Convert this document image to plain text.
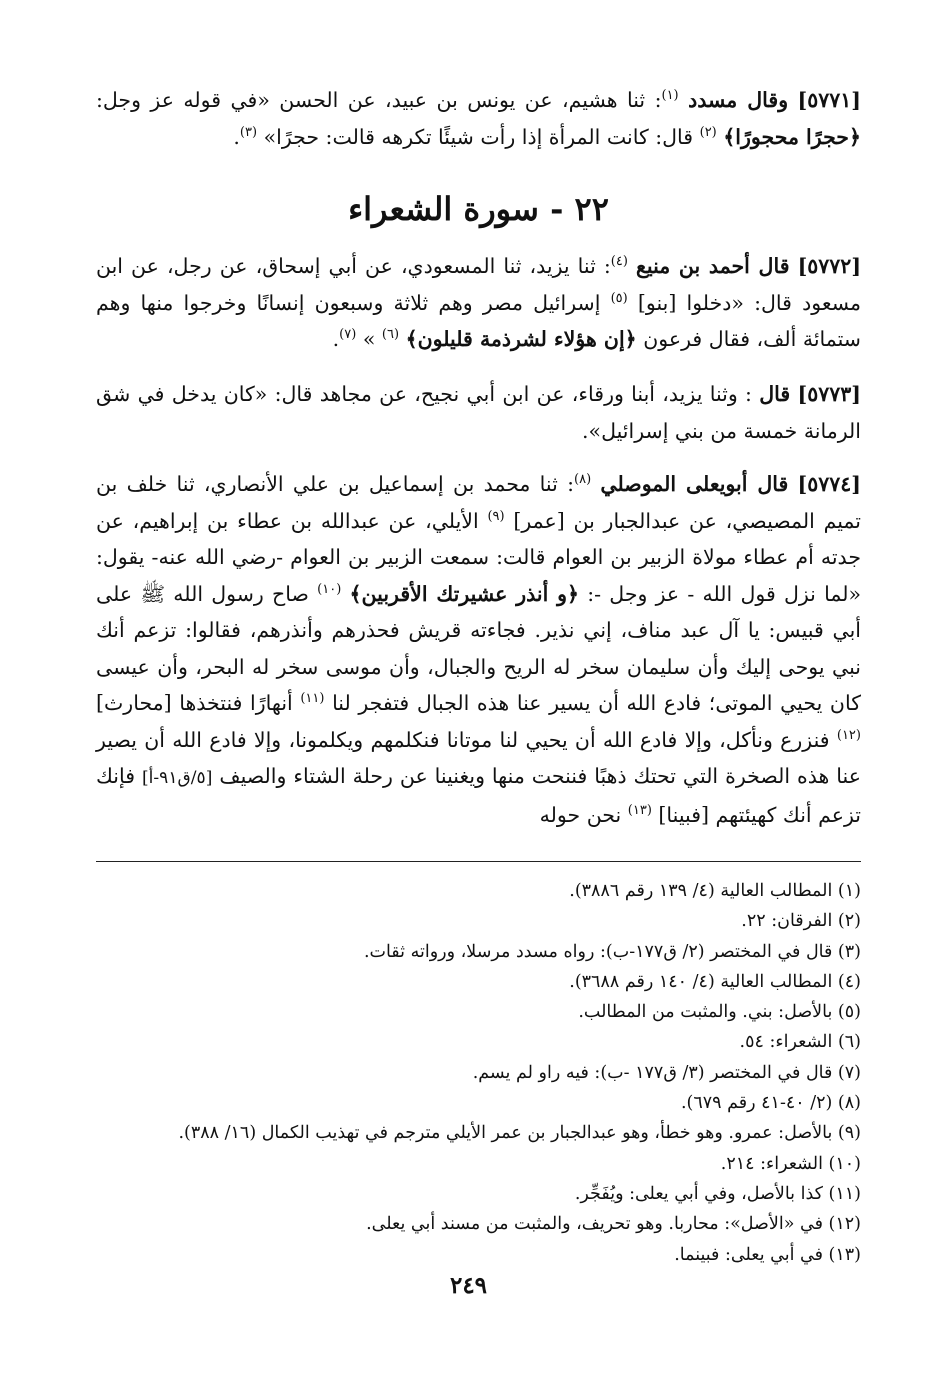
[٥٧٧١] وقال مسدد $^{(١)}$: ثنا هشيم، عن يونس بن عبيد، عن الحسن «في قوله عز وجل: ﴿حجرًا محجورًا﴾ $^{(٢)}$ قال: كانت المرأة إذا رأت شيئًا تكرهه قالت: حجرًا» $^{(٣)}$.

٢٢ - سورة الشعراء

[٥٧٧٢] قال أحمد بن منيع $^{(٤)}$: ثنا يزيد، ثنا المسعودي، عن أبي إسحاق، عن رجل، عن ابن مسعود قال: «دخلوا [بنو] $^{(٥)}$ إسرائيل مصر وهم ثلاثة وسبعون إنسانًا وخرجوا منها وهم ستمائة ألف، فقال فرعون ﴿إن هؤلاء لشرذمة قليلون﴾ $^{(٦)}$ » $^{(٧)}$.

[٥٧٧٣] قال : وثنا يزيد، أبنا ورقاء، عن ابن أبي نجيح، عن مجاهد قال: «كان يدخل في شق الرمانة خمسة من بني إسرائيل».

[٥٧٧٤] قال أبويعلى الموصلي $^{(٨)}$: ثنا محمد بن إسماعيل بن علي الأنصاري، ثنا خلف بن تميم المصيصي، عن عبدالجبار بن [عمر] $^{(٩)}$ الأيلي، عن عبدالله بن عطاء بن إبراهيم، عن جدته أم عطاء مولاة الزبير بن العوام قالت: سمعت الزبير بن العوام -رضي الله عنه- يقول: «لما نزل قول الله - عز وجل -: ﴿و أنذر عشيرتك الأقربين﴾ $^{(١٠)}$ صاح رسول الله ﷺ على أبي قبيس: يا آل عبد مناف، إني نذير. فجاءته قريش فحذرهم وأنذرهم، فقالوا: تزعم أنك نبي يوحى إليك وأن سليمان سخر له الريح والجبال، وأن موسى سخر له البحر، وأن عيسى كان يحيي الموتى؛ فادع الله أن يسير عنا هذه الجبال فتفجر لنا $^{(١١)}$ أنهارًا فنتخذها [محارث] $^{(١٢)}$ فنزرع ونأكل، وإلا فادع الله أن يحيي لنا موتانا فنكلمهم ويكلمونا، وإلا فادع الله أن يصير عنا هذه الصخرة التي تحتك ذهبًا فننحت منها ويغنينا عن رحلة الشتاء والصيف [٥/ق٩١-أ] فإنك تزعم أنك كهيئتهم [فبينا] $^{(١٣)}$ نحن حوله

(١) المطالب العالية (٤/ ١٣٩ رقم ٣٨٨٦).
(٢) الفرقان: ٢٢.
(٣) قال في المختصر (٢/ ق١٧٧-ب): رواه مسدد مرسلا، ورواته ثقات.
(٤) المطالب العالية (٤/ ١٤٠ رقم ٣٦٨٨).
(٥) بالأصل: بني. والمثبت من المطالب.
(٦) الشعراء: ٥٤.
(٧) قال في المختصر (٣/ ق١٧٧ -ب): فيه راو لم يسم.
(٨) (٢/ ٤٠-٤١ رقم ٦٧٩).
(٩) بالأصل: عمرو. وهو خطأ، وهو عبدالجبار بن عمر الأيلي مترجم في تهذيب الكمال (١٦/ ٣٨٨).
(١٠) الشعراء: ٢١٤.
(١١) كذا بالأصل، وفي أبي يعلى: ويُفَجِّر.
(١٢) في «الأصل»: محاربا. وهو تحريف، والمثبت من مسند أبي يعلى.
(١٣) في أبي يعلى: فبينما.
٢٤٩
